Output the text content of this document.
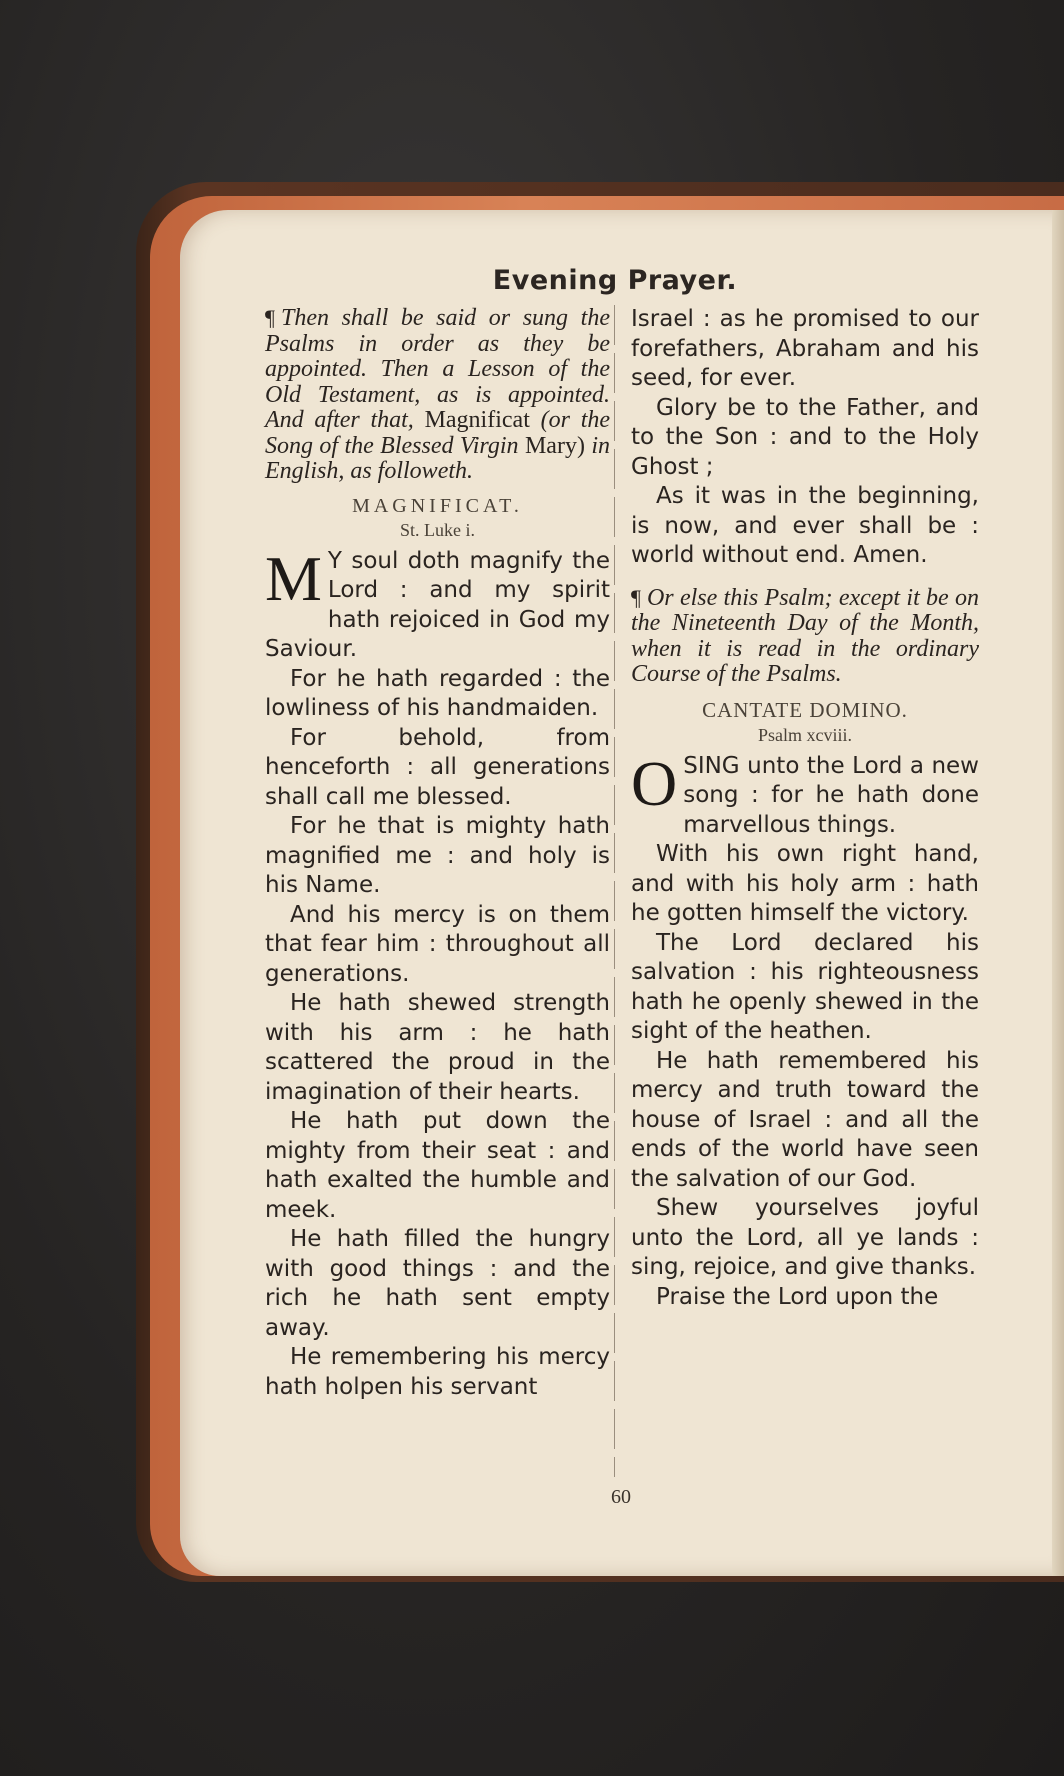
Evening Prayer.

¶ Then shall be said or sung the Psalms in order as they be appointed. Then a Lesson of the Old Testament, as is appointed. And after that, Magnificat (or the Song of the Blessed Virgin Mary) in English, as followeth.

MAGNIFICAT.

St. Luke i.

M Y soul doth magnify the Lord : and my spirit hath rejoiced in God my Saviour.

For he hath regarded : the lowliness of his handmaiden.

For behold, from henceforth : all generations shall call me blessed.

For he that is mighty hath magnified me : and holy is his Name.

And his mercy is on them that fear him : throughout all generations.

He hath shewed strength with his arm : he hath scattered the proud in the imagination of their hearts.

He hath put down the mighty from their seat : and hath exalted the humble and meek.

He hath filled the hungry with good things : and the rich he hath sent empty away.

He remembering his mercy hath holpen his servant

Israel : as he promised to our forefathers, Abraham and his seed, for ever.

Glory be to the Father, and to the Son : and to the Holy Ghost ;

As it was in the beginning, is now, and ever shall be : world without end. Amen.

¶ Or else this Psalm; except it be on the Nineteenth Day of the Month, when it is read in the ordinary Course of the Psalms.

CANTATE DOMINO.

Psalm xcviii.

OSING unto the Lord a new song : for he hath done marvellous things.

With his own right hand, and with his holy arm : hath he gotten himself the victory.

The Lord declared his salvation : his righteousness hath he openly shewed in the sight of the heathen.

He hath remembered his mercy and truth toward the house of Israel : and all the ends of the world have seen the salvation of our God.

Shew yourselves joyful unto the Lord, all ye lands : sing, rejoice, and give thanks.

Praise the Lord upon the

60
